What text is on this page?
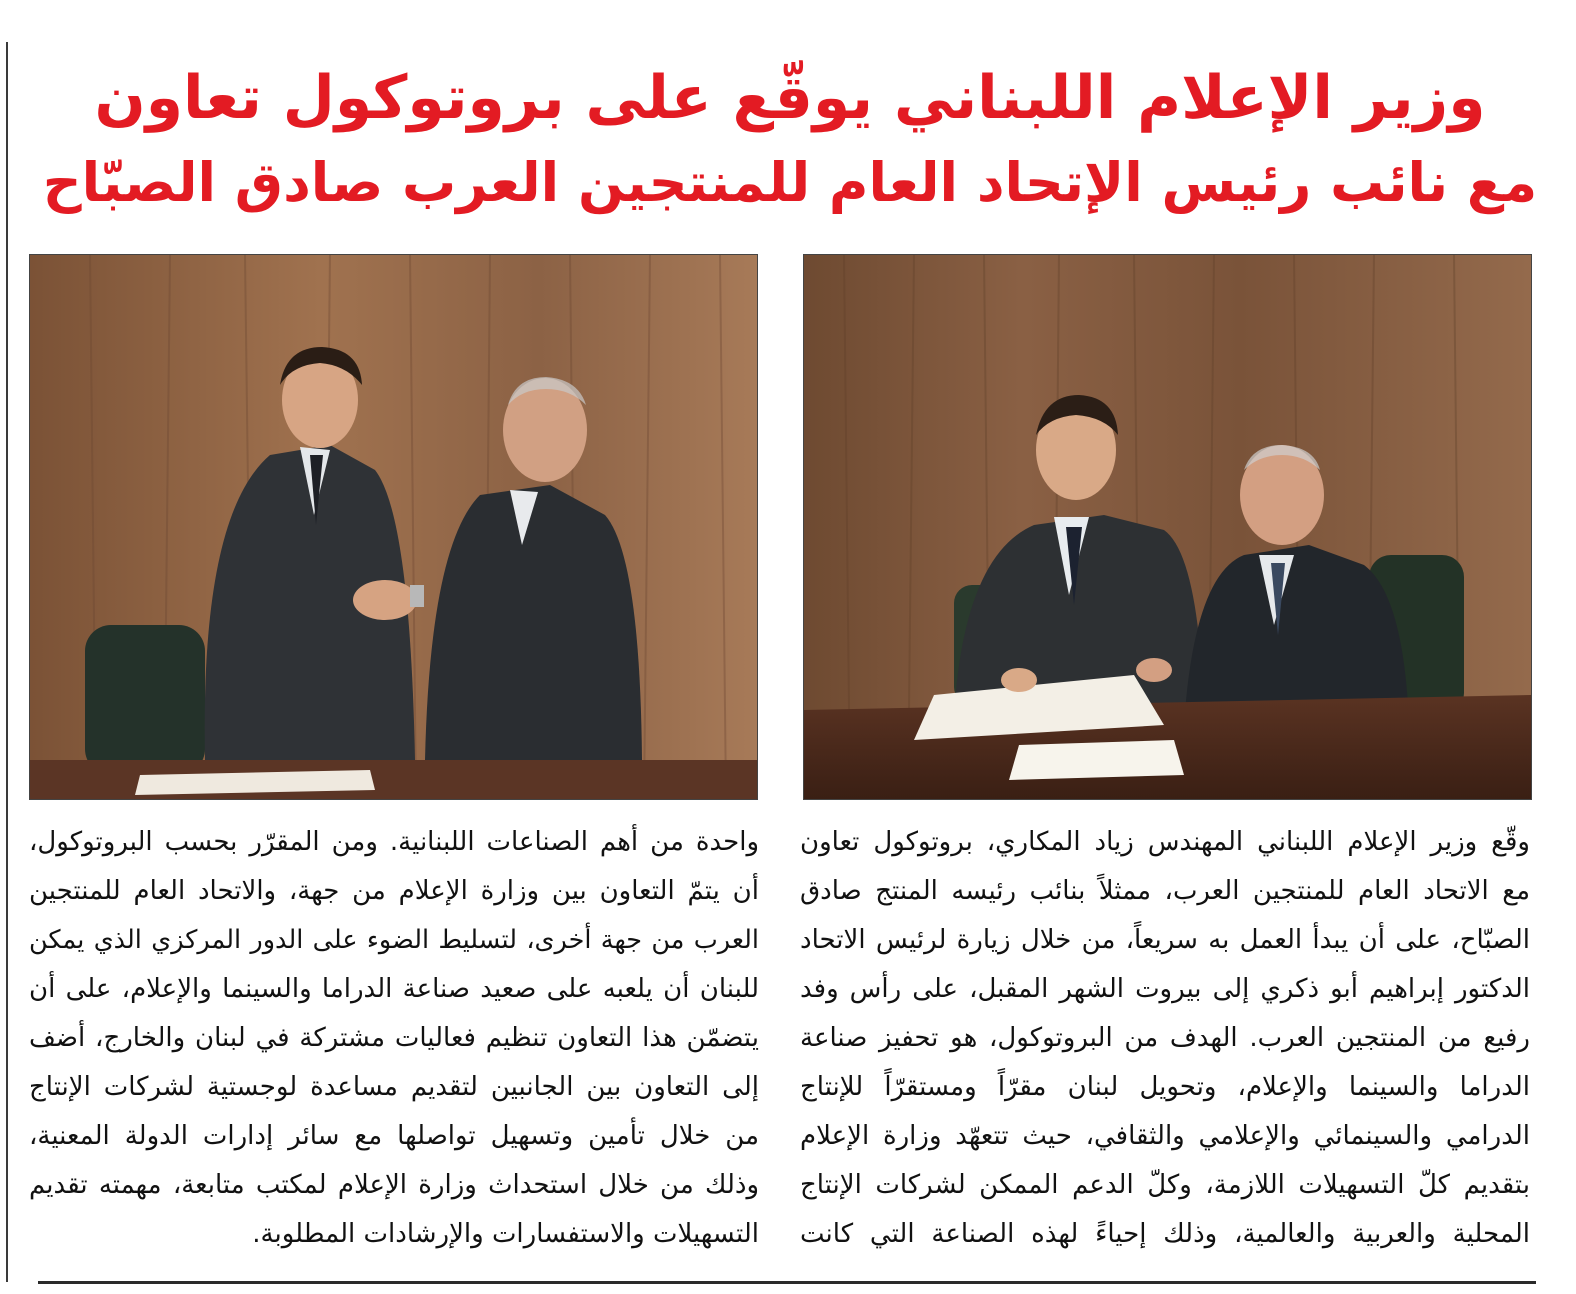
وزير الإعلام اللبناني يوقّع على بروتوكول تعاون
مع نائب رئيس الإتحاد العام للمنتجين العرب صادق الصبّاح
وقّع وزير الإعلام اللبناني المهندس زياد المكاري، بروتوكول تعاون
مع الاتحاد العام للمنتجين العرب، ممثلاً بنائب رئيسه المنتج صادق
الصبّاح، على أن يبدأ العمل به سريعاً، من خلال زيارة لرئيس الاتحاد
الدكتور إبراهيم أبو ذكري إلى بيروت الشهر المقبل، على رأس وفد
رفيع من المنتجين العرب. الهدف من البروتوكول، هو تحفيز صناعة
الدراما والسينما والإعلام، وتحويل لبنان مقرّاً ومستقرّاً للإنتاج
الدرامي والسينمائي والإعلامي والثقافي، حيث تتعهّد وزارة الإعلام
بتقديم كلّ التسهيلات اللازمة، وكلّ الدعم الممكن لشركات الإنتاج
المحلية والعربية والعالمية، وذلك إحياءً لهذه الصناعة التي كانت
واحدة من أهم الصناعات اللبنانية. ومن المقرّر بحسب البروتوكول،
أن يتمّ التعاون بين وزارة الإعلام من جهة، والاتحاد العام للمنتجين
العرب من جهة أخرى، لتسليط الضوء على الدور المركزي الذي يمكن
للبنان أن يلعبه على صعيد صناعة الدراما والسينما والإعلام، على أن
يتضمّن هذا التعاون تنظيم فعاليات مشتركة في لبنان والخارج، أضف
إلى التعاون بين الجانبين لتقديم مساعدة لوجستية لشركات الإنتاج
من خلال تأمين وتسهيل تواصلها مع سائر إدارات الدولة المعنية،
وذلك من خلال استحداث وزارة الإعلام لمكتب متابعة، مهمته تقديم
التسهيلات والاستفسارات والإرشادات المطلوبة.
